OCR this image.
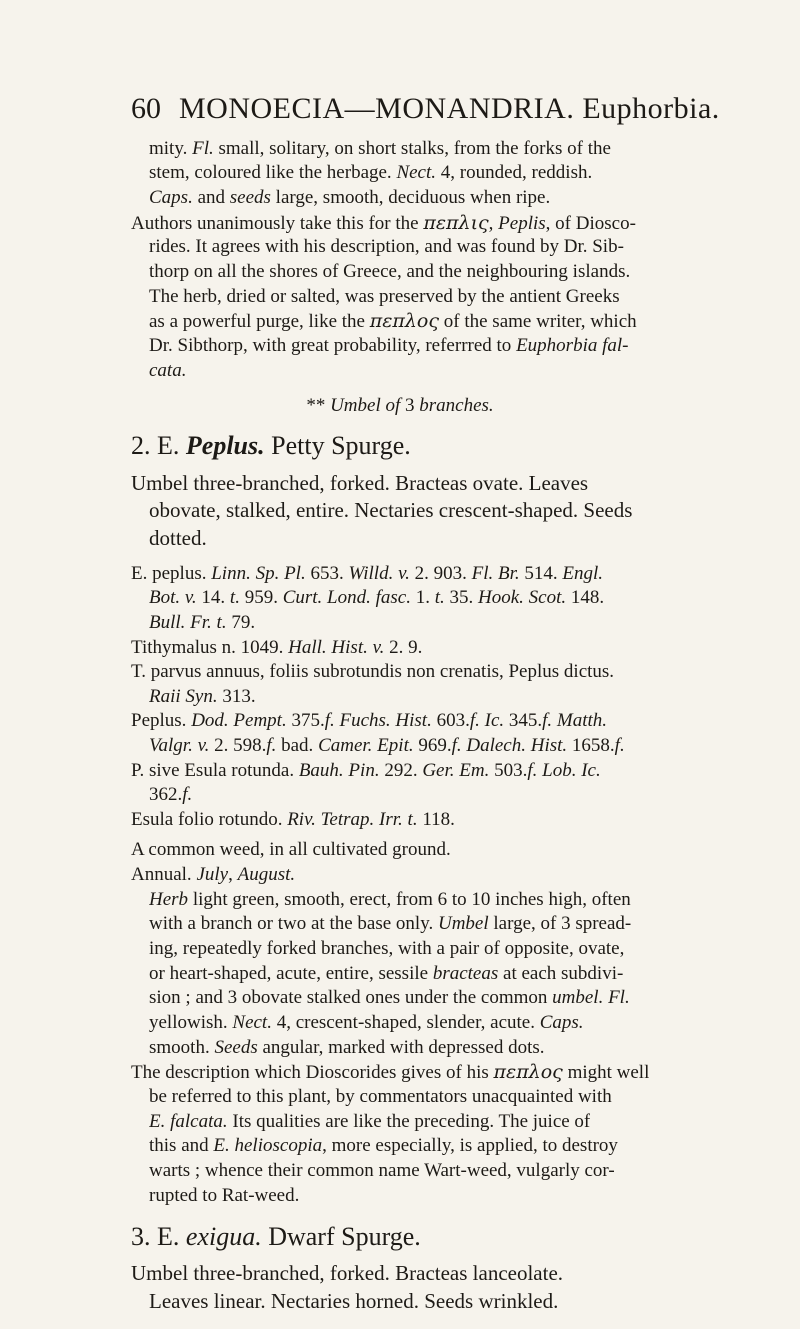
60 MONOECIA—MONANDRIA. Euphorbia.
mity. Fl. small, solitary, on short stalks, from the forks of the
stem, coloured like the herbage. Nect. 4, rounded, reddish.
Caps. and seeds large, smooth, deciduous when ripe.
Authors unanimously take this for the πεπλις, Peplis, of Diosco-
rides. It agrees with his description, and was found by Dr. Sib-
thorp on all the shores of Greece, and the neighbouring islands.
The herb, dried or salted, was preserved by the antient Greeks
as a powerful purge, like the πεπλος of the same writer, which
Dr. Sibthorp, with great probability, referrred to Euphorbia fal-
cata.
** Umbel of 3 branches.
2. E. Peplus. Petty Spurge.
Umbel three-branched, forked. Bracteas ovate. Leaves
obovate, stalked, entire. Nectaries crescent-shaped. Seeds
dotted.
E. peplus. Linn. Sp. Pl. 653. Willd. v. 2. 903. Fl. Br. 514. Engl.
Bot. v. 14. t. 959. Curt. Lond. fasc. 1. t. 35. Hook. Scot. 148.
Bull. Fr. t. 79.
Tithymalus n. 1049. Hall. Hist. v. 2. 9.
T. parvus annuus, foliis subrotundis non crenatis, Peplus dictus.
Raii Syn. 313.
Peplus. Dod. Pempt. 375.f. Fuchs. Hist. 603.f. Ic. 345.f. Matth.
Valgr. v. 2. 598.f. bad. Camer. Epit. 969.f. Dalech. Hist. 1658.f.
P. sive Esula rotunda. Bauh. Pin. 292. Ger. Em. 503.f. Lob. Ic.
362.f.
Esula folio rotundo. Riv. Tetrap. Irr. t. 118.
A common weed, in all cultivated ground.
Annual. July, August.
Herb light green, smooth, erect, from 6 to 10 inches high, often
with a branch or two at the base only. Umbel large, of 3 spread-
ing, repeatedly forked branches, with a pair of opposite, ovate,
or heart-shaped, acute, entire, sessile bracteas at each subdivi-
sion ; and 3 obovate stalked ones under the common umbel. Fl.
yellowish. Nect. 4, crescent-shaped, slender, acute. Caps.
smooth. Seeds angular, marked with depressed dots.
The description which Dioscorides gives of his πεπλος might well
be referred to this plant, by commentators unacquainted with
E. falcata. Its qualities are like the preceding. The juice of
this and E. helioscopia, more especially, is applied, to destroy
warts ; whence their common name Wart-weed, vulgarly cor-
rupted to Rat-weed.
3. E. exigua. Dwarf Spurge.
Umbel three-branched, forked. Bracteas lanceolate.
Leaves linear. Nectaries horned. Seeds wrinkled.
